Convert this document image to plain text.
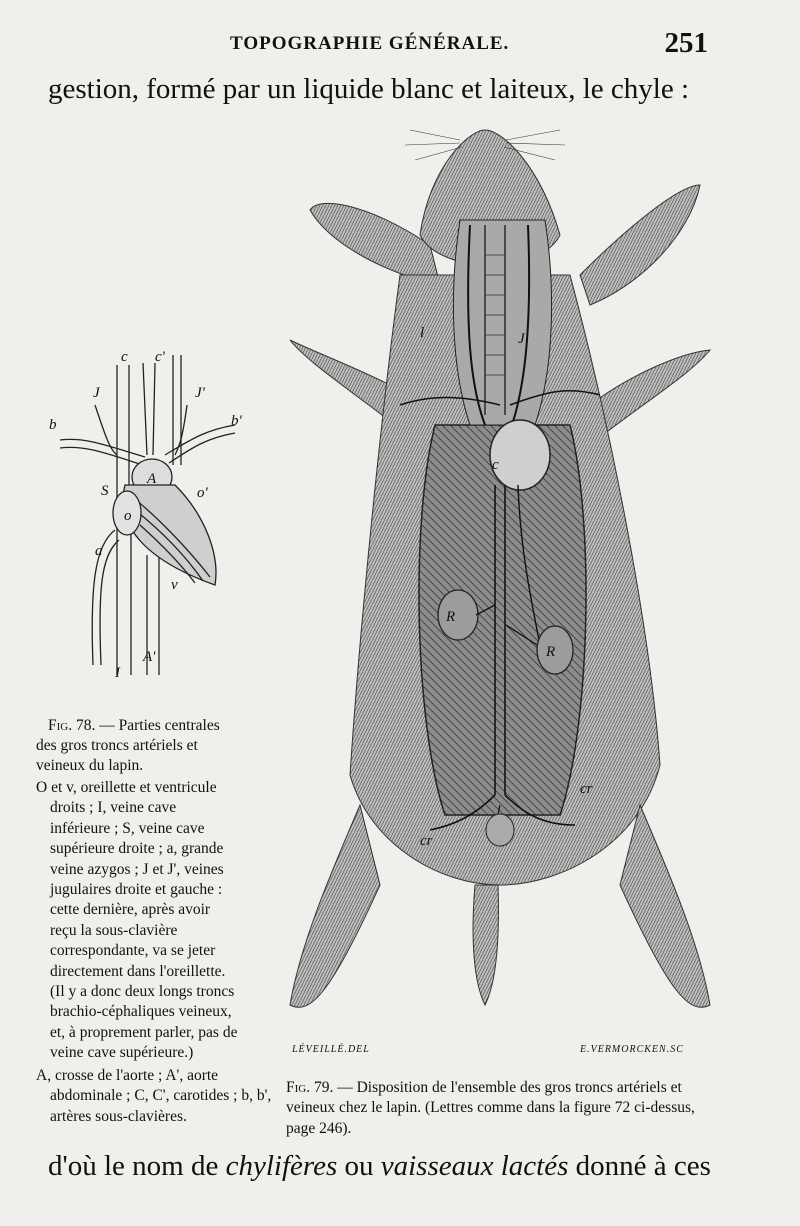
TOPOGRAPHIE GÉNÉRALE.	251
gestion, formé par un liquide blanc et laiteux, le chyle :
c c'
J	J'
b	b'
A
S	o'
o
a
v
A'
I
Fig. 78. — Parties centrales des gros troncs artériels et veineux du lapin.

O et v, oreillette et ventricule droits ; I, veine cave inférieure ; S, veine cave supérieure droite ; a, grande veine azygos ; J et J', veines jugulaires droite et gauche : cette dernière, après avoir reçu la sous-clavière correspondante, va se jeter directement dans l'oreillette. (Il y a donc deux longs troncs brachio-céphaliques veineux, et, à proprement parler, pas de veine cave supérieure.)

A, crosse de l'aorte ; A', aorte abdominale ; C, C', carotides ; b, b', artères sous-clavières.
l	J
c
R
R
cr
cr
LÉVEILLÉ.DEL	E.VERMORCKEN.SC
Fig. 79. — Disposition de l'ensemble des gros troncs artériels et veineux chez le lapin. (Lettres comme dans la figure 72 ci-dessus, page 246).
d'où le nom de chylifères ou vaisseaux lactés donné à ces
